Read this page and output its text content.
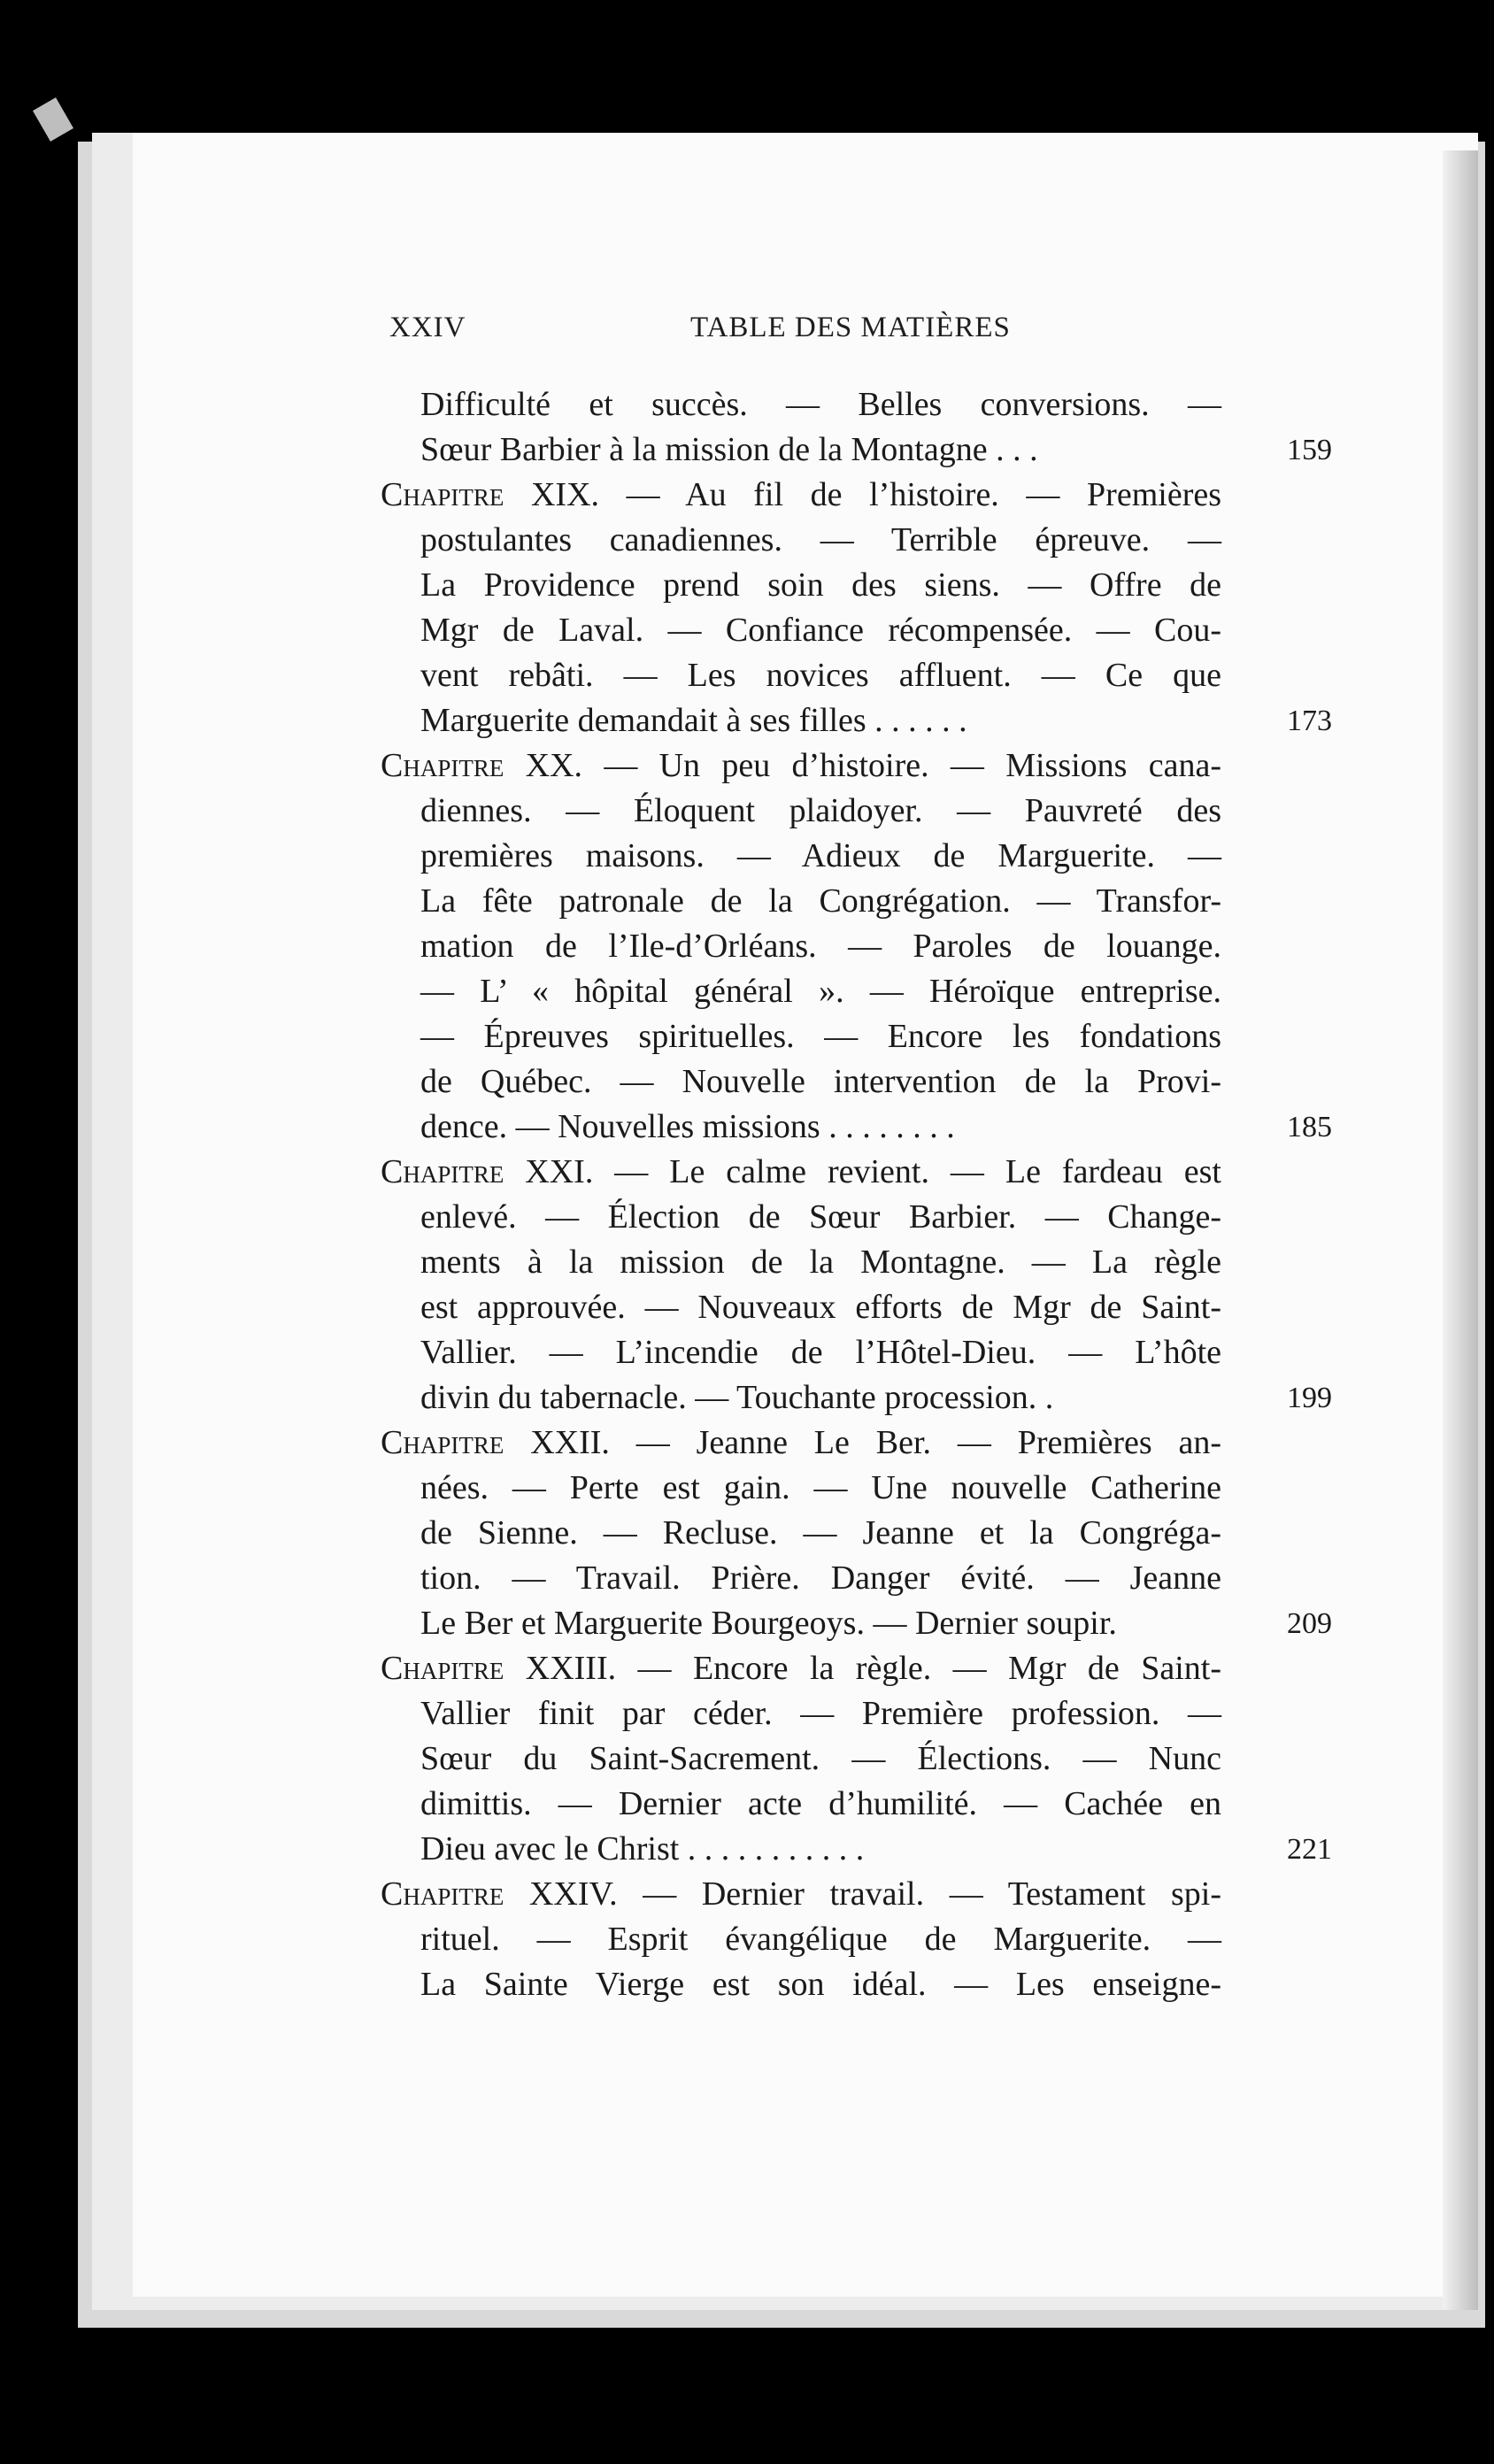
XXIV	TABLE DES MATIÈRES
Difficulté et succès. — Belles conversions. —
Sœur Barbier à la mission de la Montagne . . .	159
Chapitre XIX. — Au fil de l’histoire. — Premières
postulantes canadiennes. — Terrible épreuve. —
La Providence prend soin des siens. — Offre de
Mgr de Laval. — Confiance récompensée. — Cou-
vent rebâti. — Les novices affluent. — Ce que
Marguerite demandait à ses filles . . . . . .	173
Chapitre XX. — Un peu d’histoire. — Missions cana-
diennes. — Éloquent plaidoyer. — Pauvreté des
premières maisons. — Adieux de Marguerite. —
La fête patronale de la Congrégation. — Transfor-
mation de l’Ile-d’Orléans. — Paroles de louange.
— L’ « hôpital général ». — Héroïque entreprise.
— Épreuves spirituelles. — Encore les fondations
de Québec. — Nouvelle intervention de la Provi-
dence. — Nouvelles missions . . . . . . . .	185
Chapitre XXI. — Le calme revient. — Le fardeau est
enlevé. — Élection de Sœur Barbier. — Change-
ments à la mission de la Montagne. — La règle
est approuvée. — Nouveaux efforts de Mgr de Saint-
Vallier. — L’incendie de l’Hôtel-Dieu. — L’hôte
divin du tabernacle. — Touchante procession. .	199
Chapitre XXII. — Jeanne Le Ber. — Premières an-
nées. — Perte est gain. — Une nouvelle Catherine
de Sienne. — Recluse. — Jeanne et la Congréga-
tion. — Travail. Prière. Danger évité. — Jeanne
Le Ber et Marguerite Bourgeoys. — Dernier soupir.	209
Chapitre XXIII. — Encore la règle. — Mgr de Saint-
Vallier finit par céder. — Première profession. —
Sœur du Saint-Sacrement. — Élections. — Nunc
dimittis. — Dernier acte d’humilité. — Cachée en
Dieu avec le Christ . . . . . . . . . . .	221
Chapitre XXIV. — Dernier travail. — Testament spi-
rituel. — Esprit évangélique de Marguerite. —
La Sainte Vierge est son idéal. — Les enseigne-
